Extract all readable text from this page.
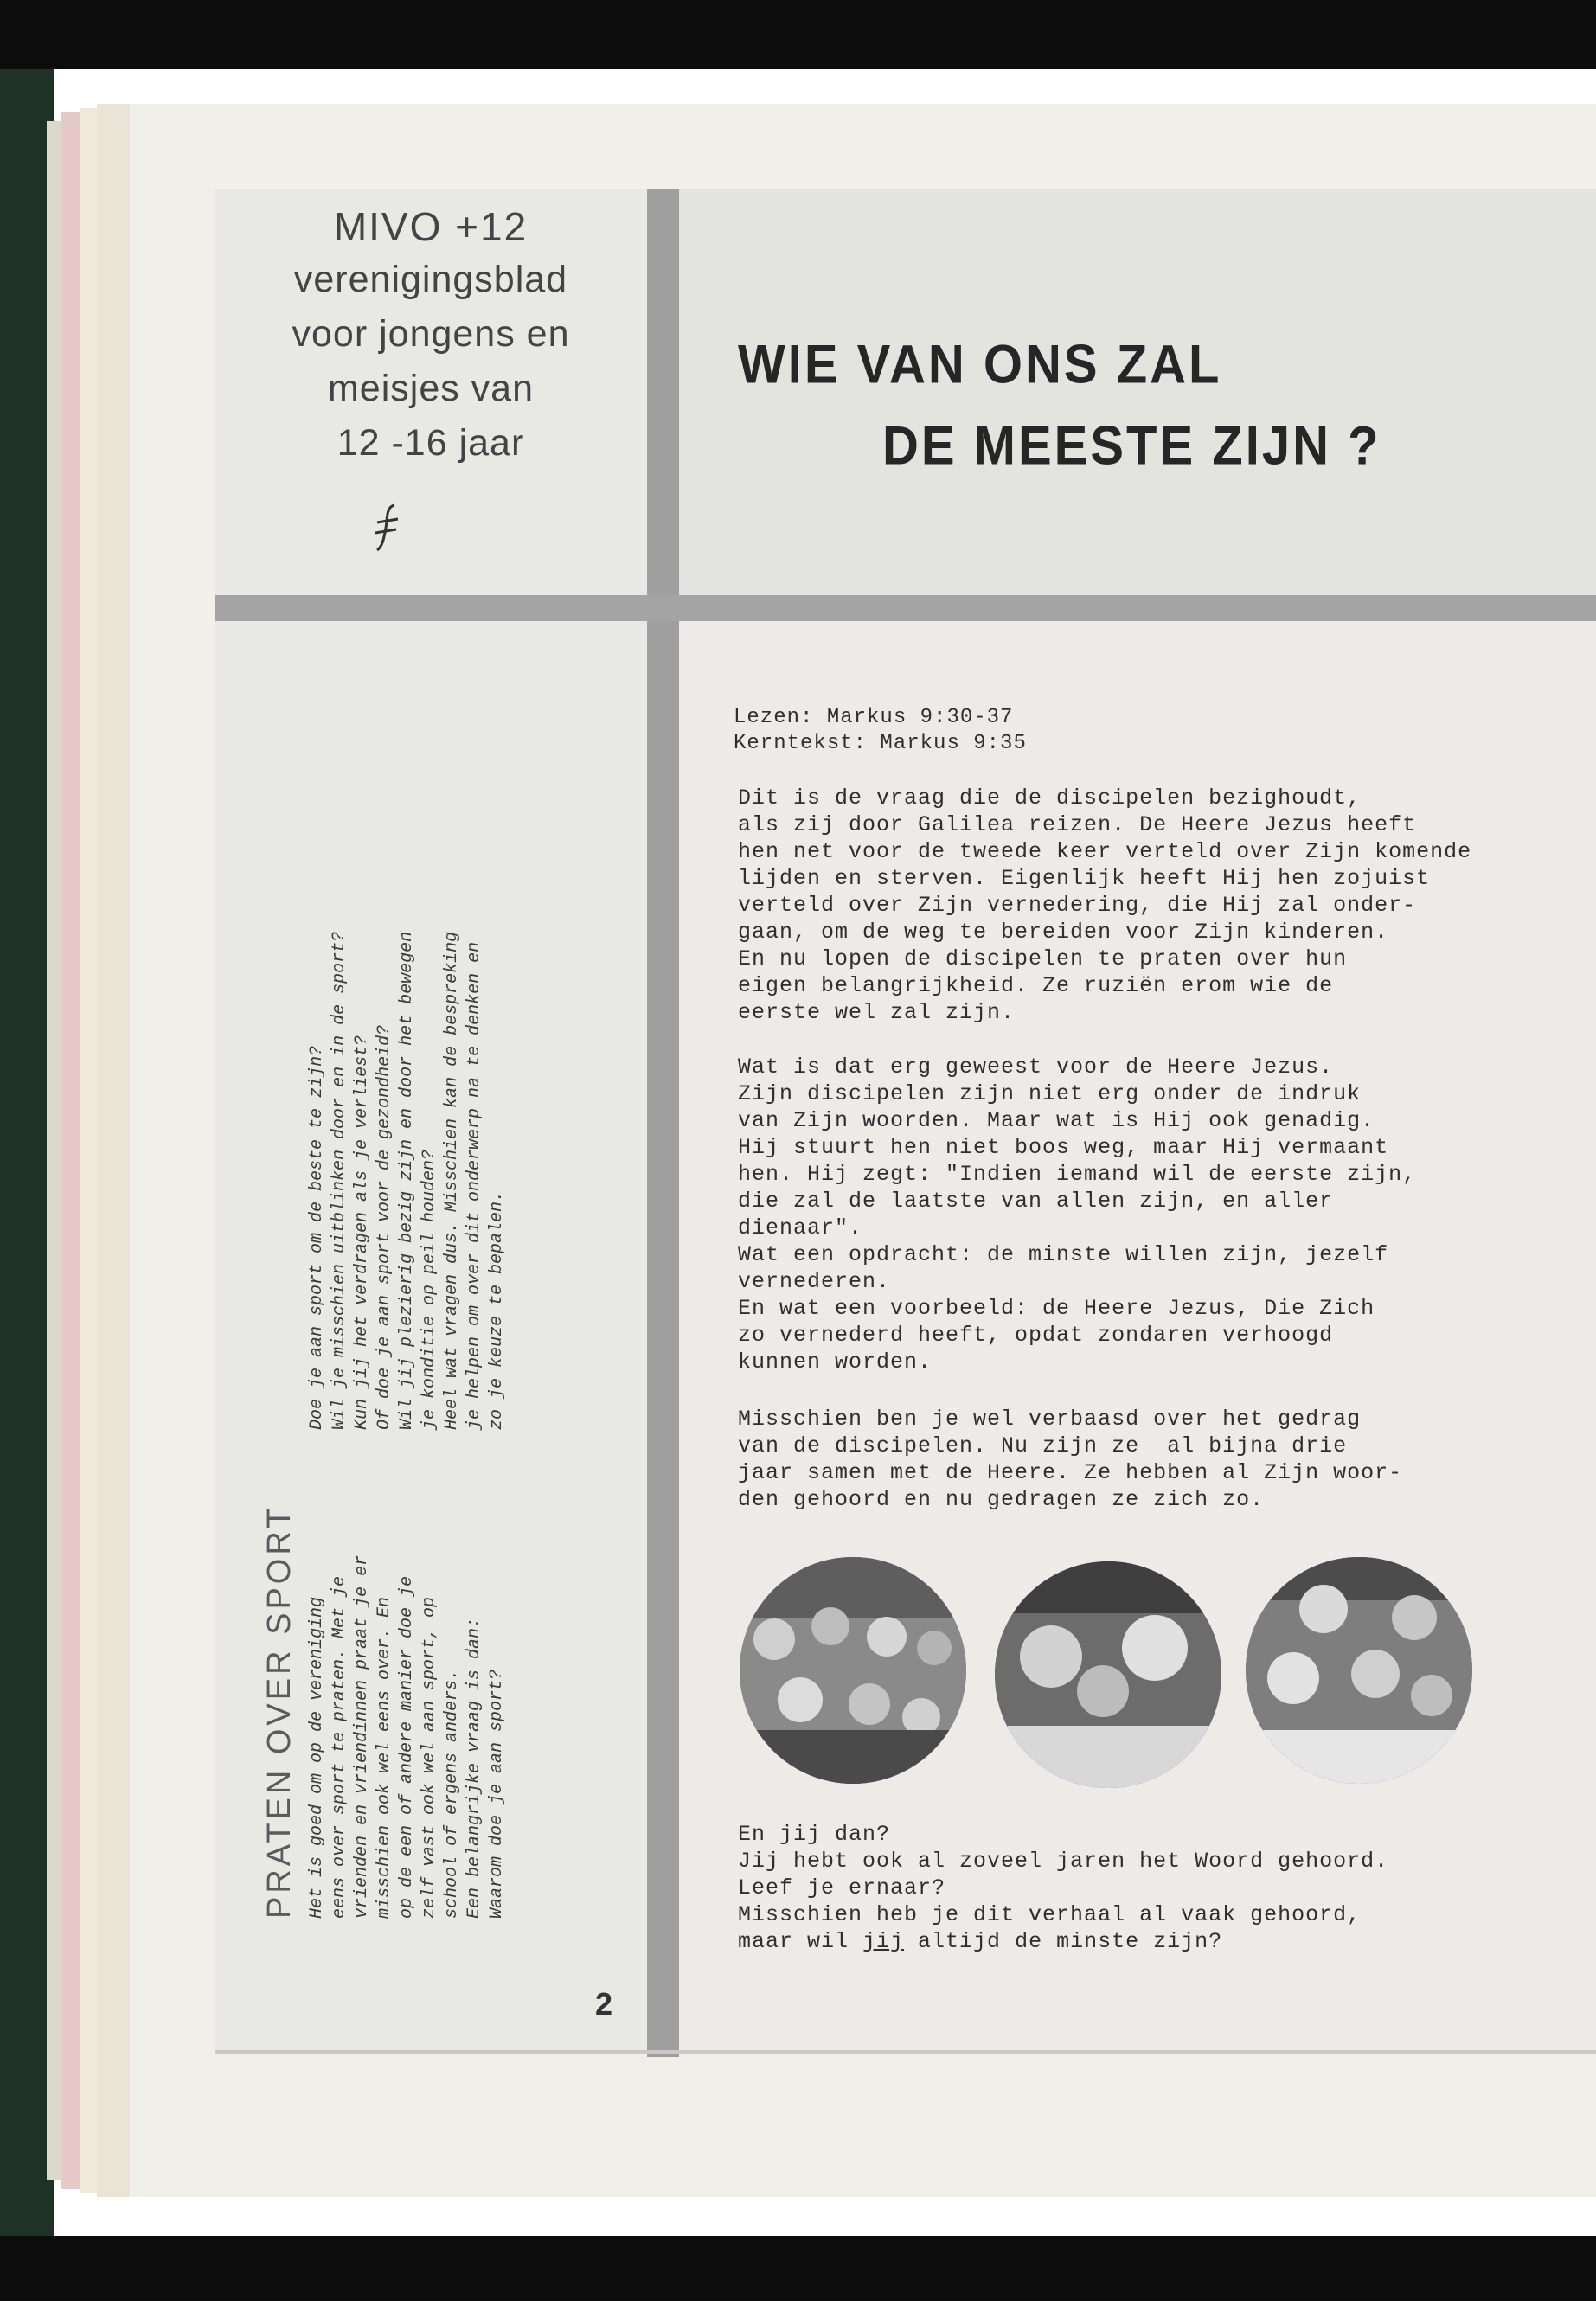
MIVO +12
verenigingsblad
voor jongens en
meisjes van
12 -16 jaar
WIE VAN ONS ZAL
DE MEESTE ZIJN ?
Lezen: Markus 9:30-37
Kerntekst: Markus 9:35
Dit is de vraag die de discipelen bezighoudt,
als zij door Galilea reizen. De Heere Jezus heeft
hen net voor de tweede keer verteld over Zijn komende
lijden en sterven. Eigenlijk heeft Hij hen zojuist
verteld over Zijn vernedering, die Hij zal onder-
gaan, om de weg te bereiden voor Zijn kinderen.
En nu lopen de discipelen te praten over hun
eigen belangrijkheid. Ze ruziën erom wie de
eerste wel zal zijn.
Wat is dat erg geweest voor de Heere Jezus.
Zijn discipelen zijn niet erg onder de indruk
van Zijn woorden. Maar wat is Hij ook genadig.
Hij stuurt hen niet boos weg, maar Hij vermaant
hen. Hij zegt: "Indien iemand wil de eerste zijn,
die zal de laatste van allen zijn, en aller
dienaar".
Wat een opdracht: de minste willen zijn, jezelf
vernederen.
En wat een voorbeeld: de Heere Jezus, Die Zich
zo vernederd heeft, opdat zondaren verhoogd
kunnen worden.
Misschien ben je wel verbaasd over het gedrag
van de discipelen. Nu zijn ze  al bijna drie
jaar samen met de Heere. Ze hebben al Zijn woor-
den gehoord en nu gedragen ze zich zo.
En jij dan?
Jij hebt ook al zoveel jaren het Woord gehoord.
Leef je ernaar?
Misschien heb je dit verhaal al vaak gehoord,
maar wil jij altijd de minste zijn?
PRATEN OVER SPORT Het is goed om op de vereniging eens over sport te praten. Met je vrienden en vriendinnen praat je er misschien ook wel eens over. En op de een of andere manier doe je zelf vast ook wel aan sport, op school of ergens anders. Een belangrijke vraag is dan: Waarom doe je aan sport?
Doe je aan sport om de beste te zijn? Wil je misschien uitblinken door en in de sport? Kun jij het verdragen als je verliest? Of doe je aan sport voor de gezondheid? Wil jij plezierig bezig zijn en door het bewegen je konditie op peil houden? Heel wat vragen dus. Misschien kan de bespreking je helpen om over dit onderwerp na te denken en zo je keuze te bepalen.
2
